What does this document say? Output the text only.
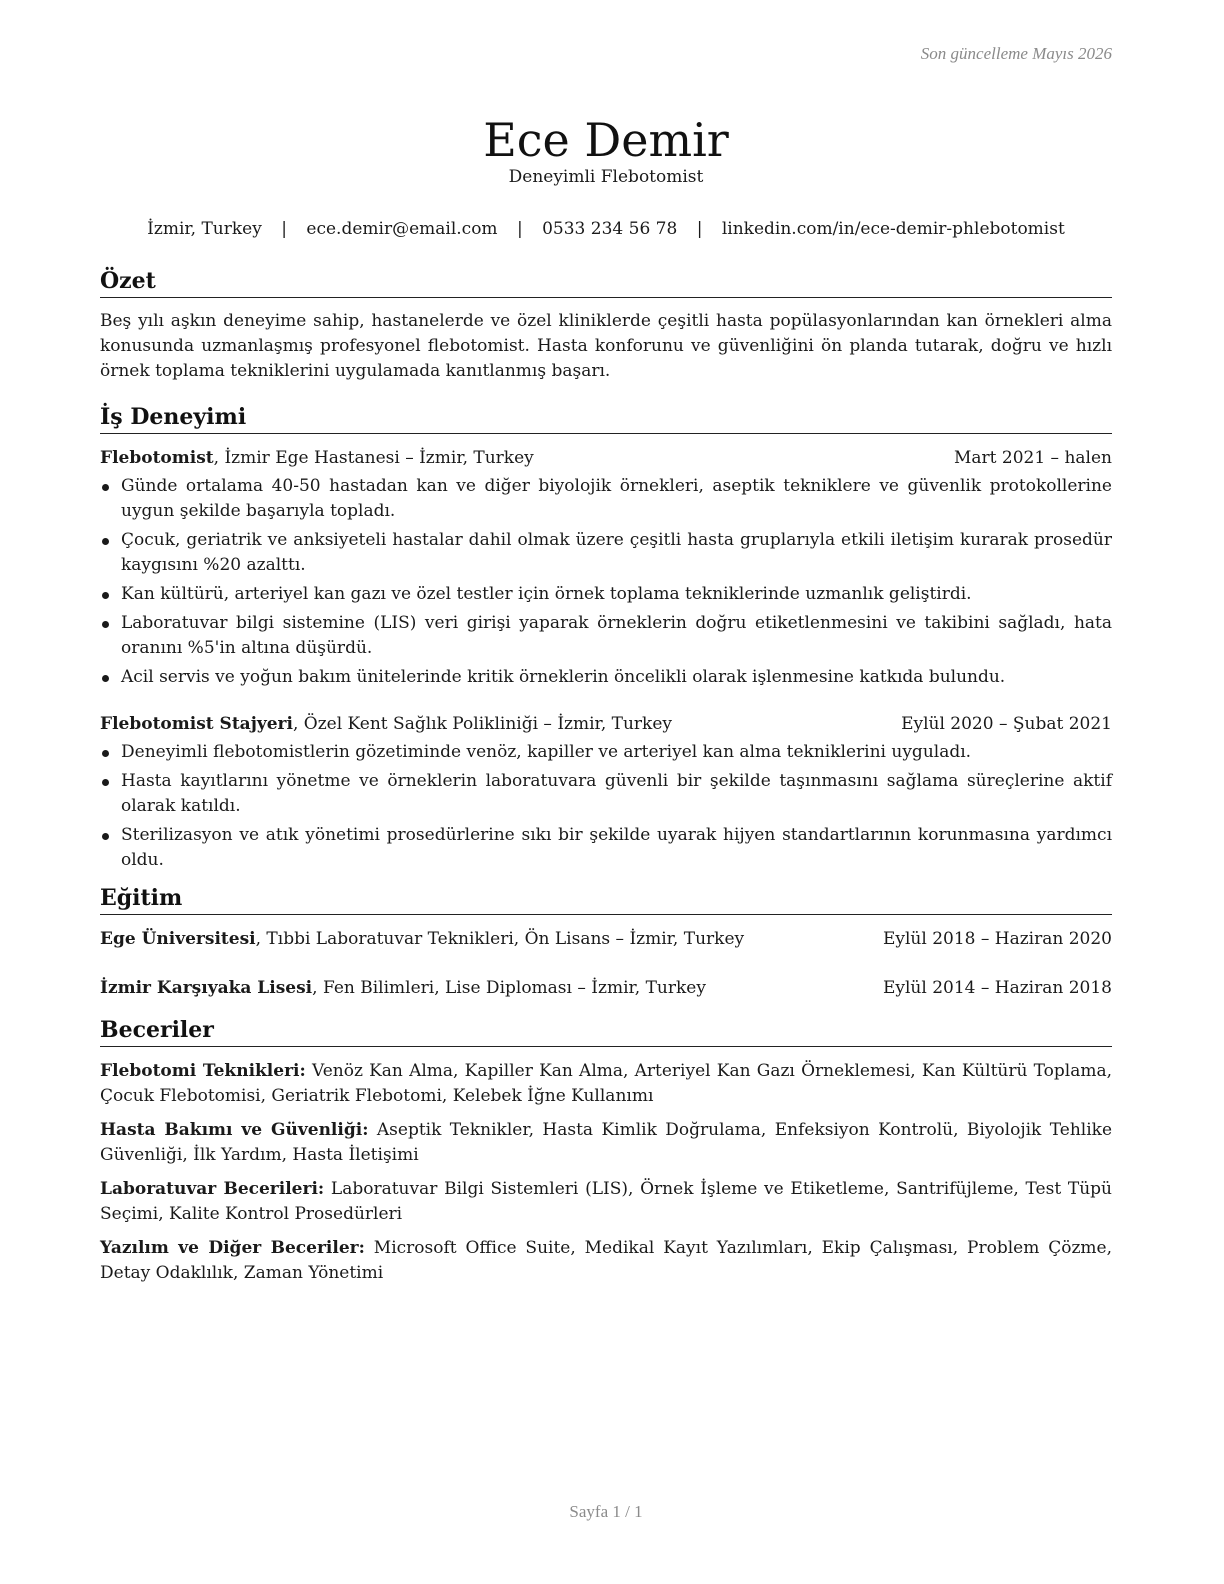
Son güncelleme Mayıs 2026
Ece Demir
Deneyimli Flebotomist
İzmir, Turkey | ece.demir@email.com | 0533 234 56 78 | linkedin.com/in/ece-demir-phlebotomist
Özet

Beş yılı aşkın deneyime sahip, hastanelerde ve özel kliniklerde çeşitli hasta popülasyonlarından kan örnekleri alma konusunda uzmanlaşmış profesyonel flebotomist. Hasta konforunu ve güvenliğini ön planda tutarak, doğru ve hızlı örnek toplama tekniklerini uygulamada kanıtlanmış başarı.

İş Deneyimi
Flebotomist, İzmir Ege Hastanesi – İzmir, Turkey	Mart 2021 – halen
Günde ortalama 40-50 hastadan kan ve diğer biyolojik örnekleri, aseptik tekniklere ve güvenlik protokollerine uygun şekilde başarıyla topladı.
Çocuk, geriatrik ve anksiyeteli hastalar dahil olmak üzere çeşitli hasta gruplarıyla etkili iletişim kurarak prosedür kaygısını %20 azalttı.
Kan kültürü, arteriyel kan gazı ve özel testler için örnek toplama tekniklerinde uzmanlık geliştirdi.
Laboratuvar bilgi sistemine (LIS) veri girişi yaparak örneklerin doğru etiketlenmesini ve takibini sağladı, hata oranını %5'in altına düşürdü.
Acil servis ve yoğun bakım ünitelerinde kritik örneklerin öncelikli olarak işlenmesine katkıda bulundu.
Flebotomist Stajyeri, Özel Kent Sağlık Polikliniği – İzmir, Turkey	Eylül 2020 – Şubat 2021
Deneyimli flebotomistlerin gözetiminde venöz, kapiller ve arteriyel kan alma tekniklerini uyguladı.
Hasta kayıtlarını yönetme ve örneklerin laboratuvara güvenli bir şekilde taşınmasını sağlama süreçlerine aktif olarak katıldı.
Sterilizasyon ve atık yönetimi prosedürlerine sıkı bir şekilde uyarak hijyen standartlarının korunmasına yardımcı oldu.
Eğitim
Ege Üniversitesi, Tıbbi Laboratuvar Teknikleri, Ön Lisans – İzmir, Turkey	Eylül 2018 – Haziran 2020
İzmir Karşıyaka Lisesi, Fen Bilimleri, Lise Diploması – İzmir, Turkey	Eylül 2014 – Haziran 2018
Beceriler

Flebotomi Teknikleri: Venöz Kan Alma, Kapiller Kan Alma, Arteriyel Kan Gazı Örneklemesi, Kan Kültürü Toplama, Çocuk Flebotomisi, Geriatrik Flebotomi, Kelebek İğne Kullanımı

Hasta Bakımı ve Güvenliği: Aseptik Teknikler, Hasta Kimlik Doğrulama, Enfeksiyon Kontrolü, Biyolojik Tehlike Güvenliği, İlk Yardım, Hasta İletişimi

Laboratuvar Becerileri: Laboratuvar Bilgi Sistemleri (LIS), Örnek İşleme ve Etiketleme, Santrifüjleme, Test Tüpü Seçimi, Kalite Kontrol Prosedürleri

Yazılım ve Diğer Beceriler: Microsoft Office Suite, Medikal Kayıt Yazılımları, Ekip Çalışması, Problem Çözme, Detay Odaklılık, Zaman Yönetimi

Sayfa 1 / 1
